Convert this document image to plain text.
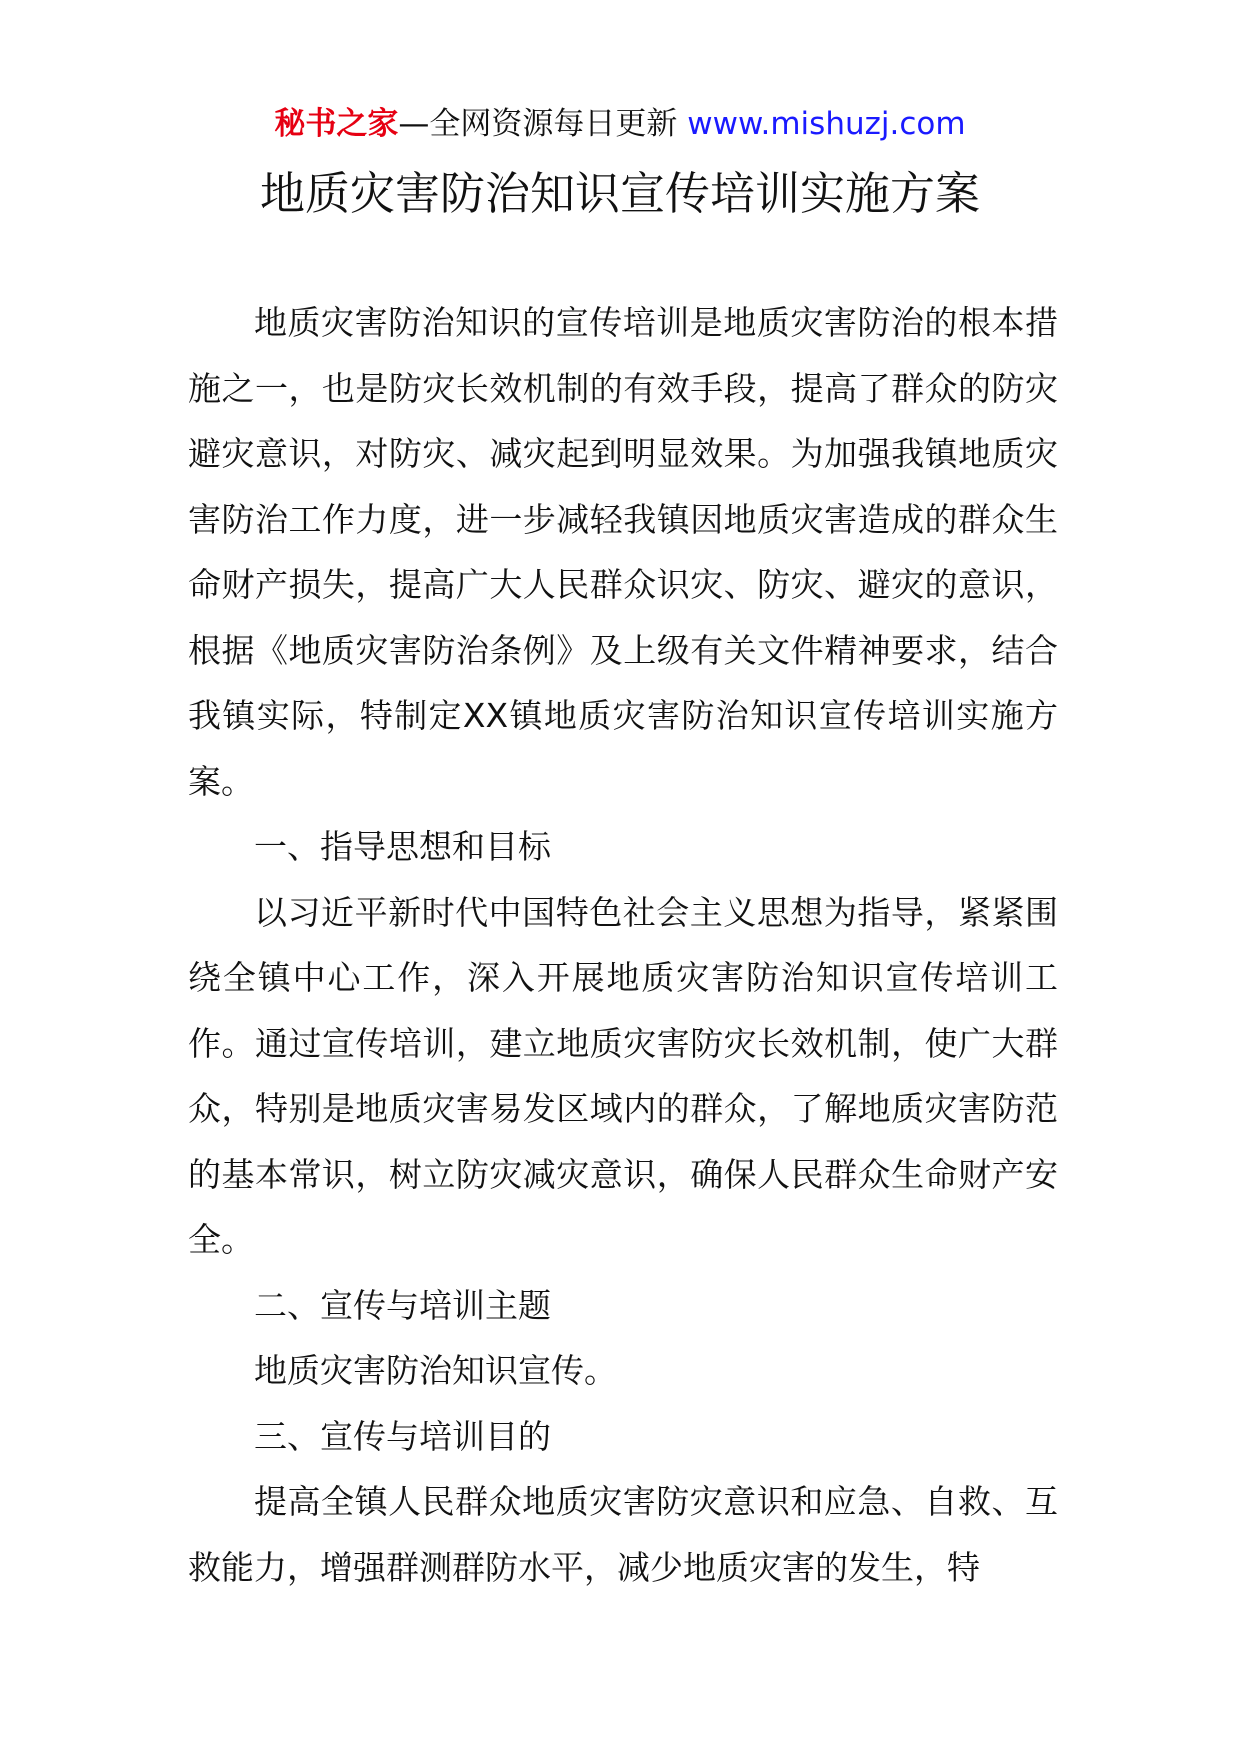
秘书之家—全网资源每日更新 www.mishuzj.com
地质灾害防治知识宣传培训实施方案

地质灾害防治知识的宣传培训是地质灾害防治的根本措施之一，也是防灾长效机制的有效手段，提高了群众的防灾避灾意识，对防灾、减灾起到明显效果。为加强我镇地质灾害防治工作力度，进一步减轻我镇因地质灾害造成的群众生命财产损失，提高广大人民群众识灾、防灾、避灾的意识，根据《地质灾害防治条例》及上级有关文件精神要求，结合我镇实际，特制定XX镇地质灾害防治知识宣传培训实施方案。

一、指导思想和目标

以习近平新时代中国特色社会主义思想为指导，紧紧围绕全镇中心工作，深入开展地质灾害防治知识宣传培训工作。通过宣传培训，建立地质灾害防灾长效机制，使广大群众，特别是地质灾害易发区域内的群众，了解地质灾害防范的基本常识，树立防灾减灾意识，确保人民群众生命财产安全。

二、宣传与培训主题

地质灾害防治知识宣传。

三、宣传与培训目的

提高全镇人民群众地质灾害防灾意识和应急、自救、互救能力，增强群测群防水平，减少地质灾害的发生，特
